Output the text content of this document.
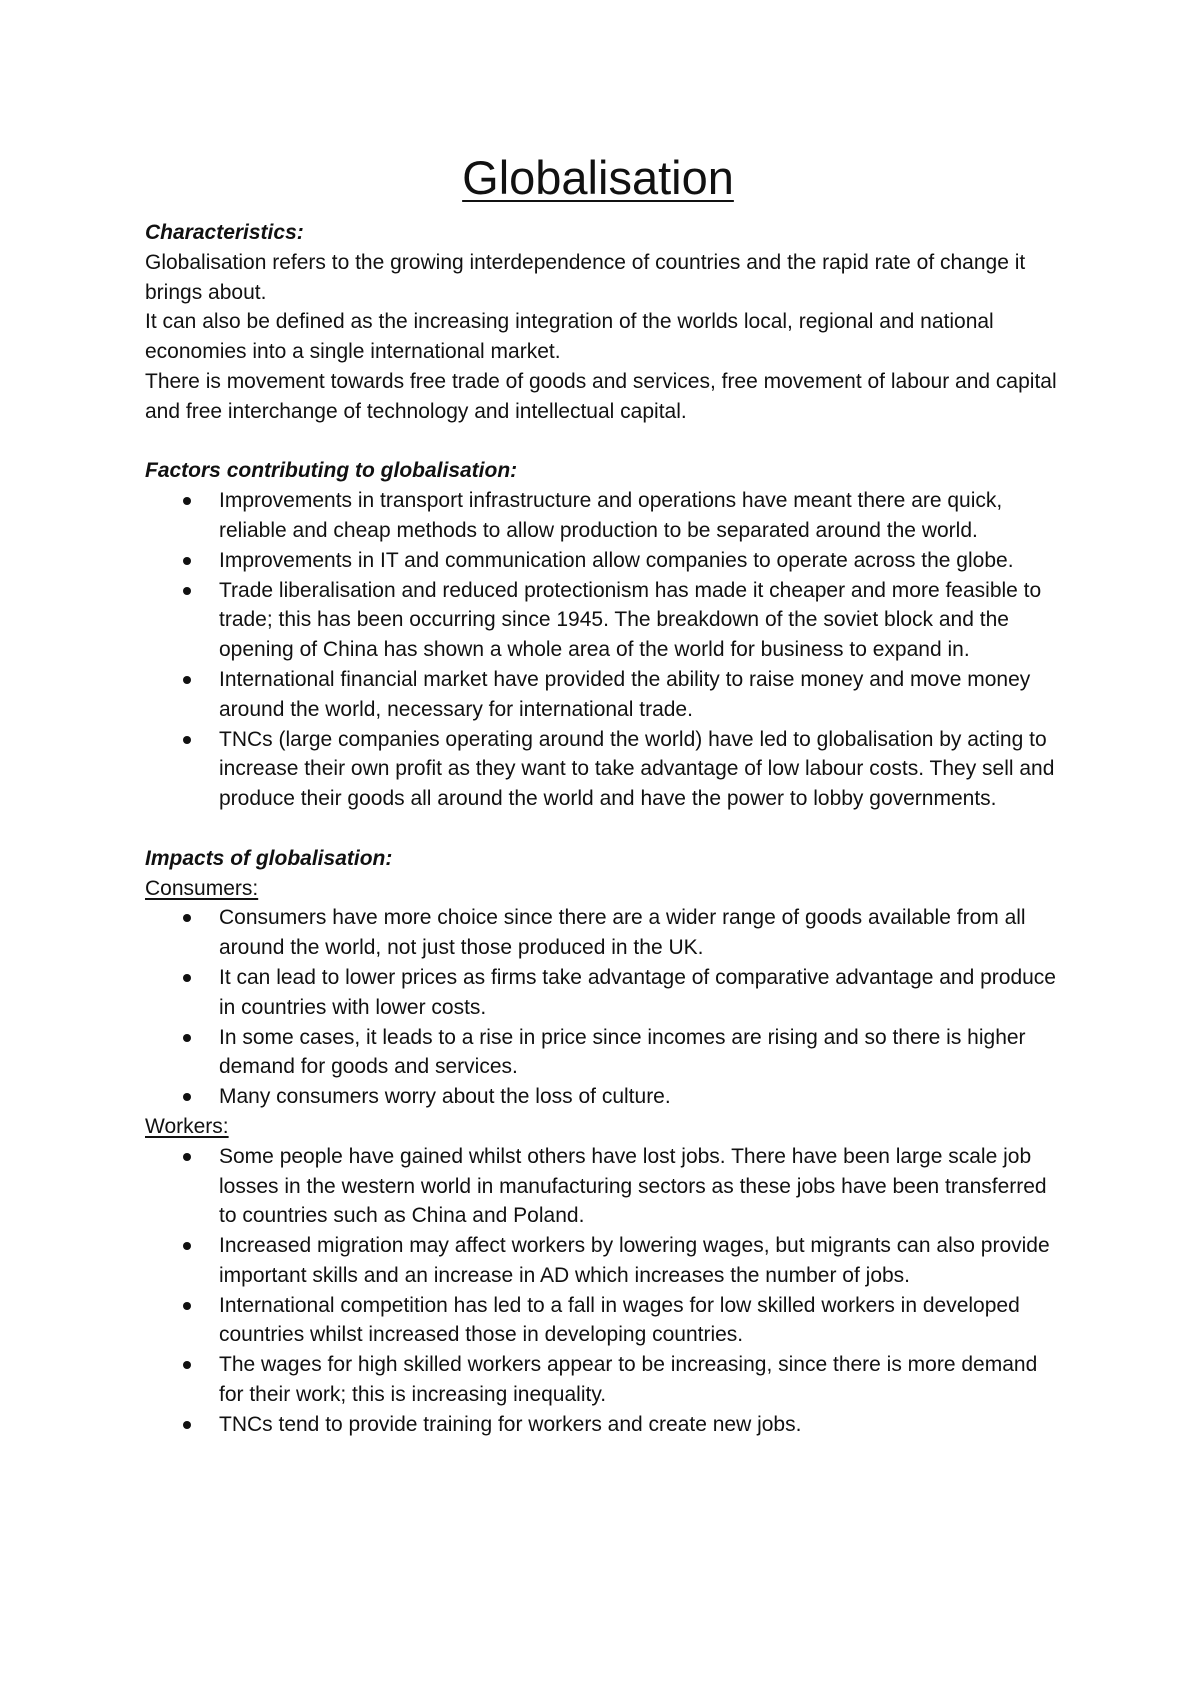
Globalisation
Characteristics:

Globalisation refers to the growing interdependence of countries and the rapid rate of change it brings about.

It can also be defined as the increasing integration of the worlds local, regional and national economies into a single international market.

There is movement towards free trade of goods and services, free movement of labour and capital and free interchange of technology and intellectual capital.

Factors contributing to globalisation:
Improvements in transport infrastructure and operations have meant there are quick, reliable and cheap methods to allow production to be separated around the world.
Improvements in IT and communication allow companies to operate across the globe.
Trade liberalisation and reduced protectionism has made it cheaper and more feasible to trade; this has been occurring since 1945. The breakdown of the soviet block and the opening of China has shown a whole area of the world for business to expand in.
International financial market have provided the ability to raise money and move money around the world, necessary for international trade.
TNCs (large companies operating around the world) have led to globalisation by acting to increase their own profit as they want to take advantage of low labour costs. They sell and produce their goods all around the world and have the power to lobby governments.
Impacts of globalisation:
Consumers:
Consumers have more choice since there are a wider range of goods available from all around the world, not just those produced in the UK.
It can lead to lower prices as firms take advantage of comparative advantage and produce in countries with lower costs.
In some cases, it leads to a rise in price since incomes are rising and so there is higher demand for goods and services.
Many consumers worry about the loss of culture.
Workers:
Some people have gained whilst others have lost jobs. There have been large scale job losses in the western world in manufacturing sectors as these jobs have been transferred to countries such as China and Poland.
Increased migration may affect workers by lowering wages, but migrants can also provide important skills and an increase in AD which increases the number of jobs.
International competition has led to a fall in wages for low skilled workers in developed countries whilst increased those in developing countries.
The wages for high skilled workers appear to be increasing, since there is more demand for their work; this is increasing inequality.
TNCs tend to provide training for workers and create new jobs.
